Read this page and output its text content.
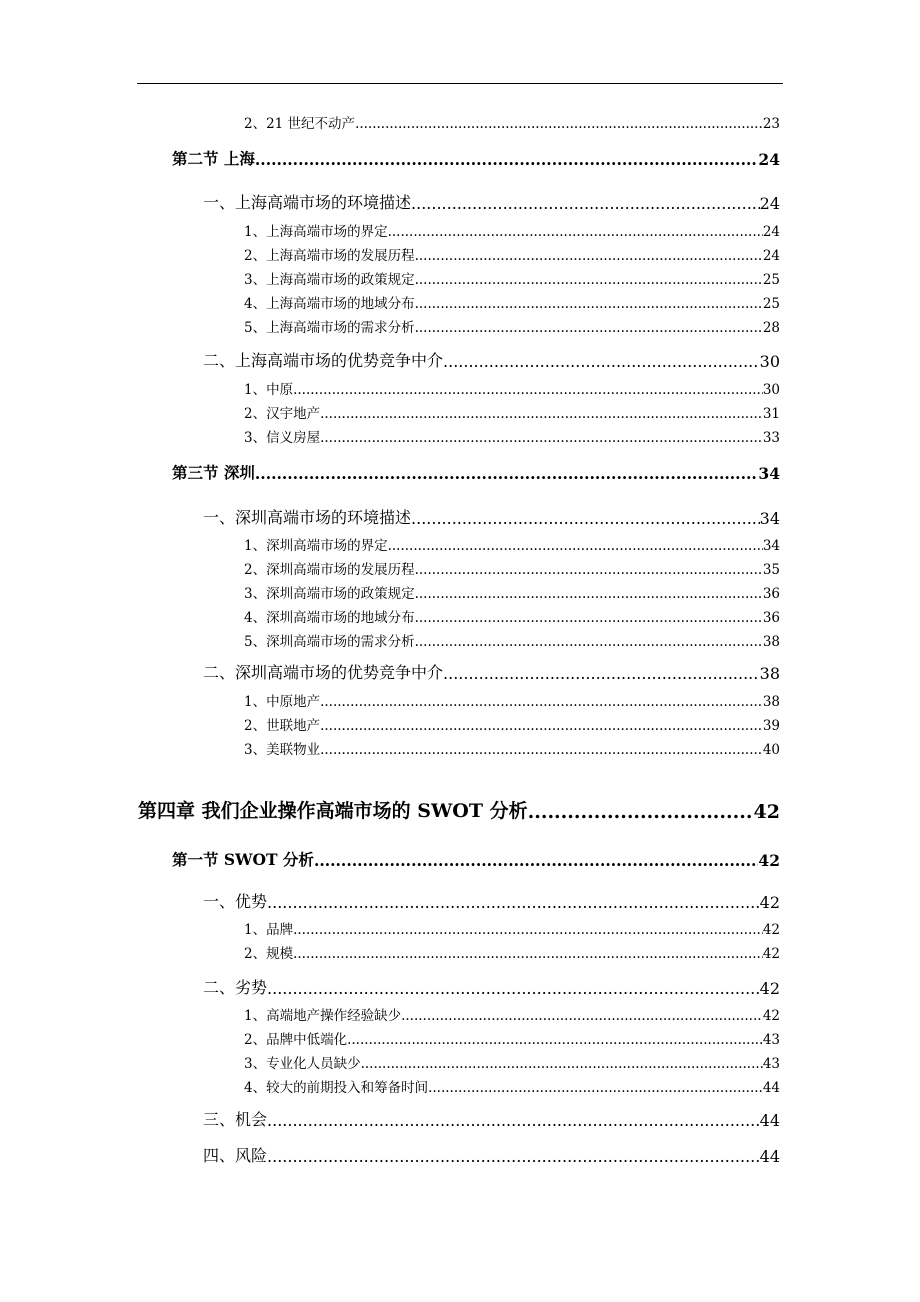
2、21 世纪不动产 .....	23
第二节 上海 .....	24
一、上海高端市场的环境描述 .....	24
1、上海高端市场的界定 .....	24
2、上海高端市场的发展历程 .....	24
3、上海高端市场的政策规定 .....	25
4、上海高端市场的地域分布 .....	25
5、上海高端市场的需求分析 .....	28
二、上海高端市场的优势竞争中介 .....	30
1、中原 .....	30
2、汉宇地产 .....	31
3、信义房屋 .....	33
第三节 深圳 .....	34
一、深圳高端市场的环境描述 .....	34
1、深圳高端市场的界定 .....	34
2、深圳高端市场的发展历程 .....	35
3、深圳高端市场的政策规定 .....	36
4、深圳高端市场的地域分布 .....	36
5、深圳高端市场的需求分析 .....	38
二、深圳高端市场的优势竞争中介 .....	38
1、中原地产 .....	38
2、世联地产 .....	39
3、美联物业 .....	40
第四章 我们企业操作高端市场的 SWOT 分析 .....	42
第一节 SWOT 分析 .....	42
一、优势 .....	42
1、品牌 .....	42
2、规模 .....	42
二、劣势 .....	42
1、高端地产操作经验缺少 .....	42
2、品牌中低端化 .....	43
3、专业化人员缺少 .....	43
4、较大的前期投入和筹备时间 .....	44
三、机会 .....	44
四、风险 .....	44
